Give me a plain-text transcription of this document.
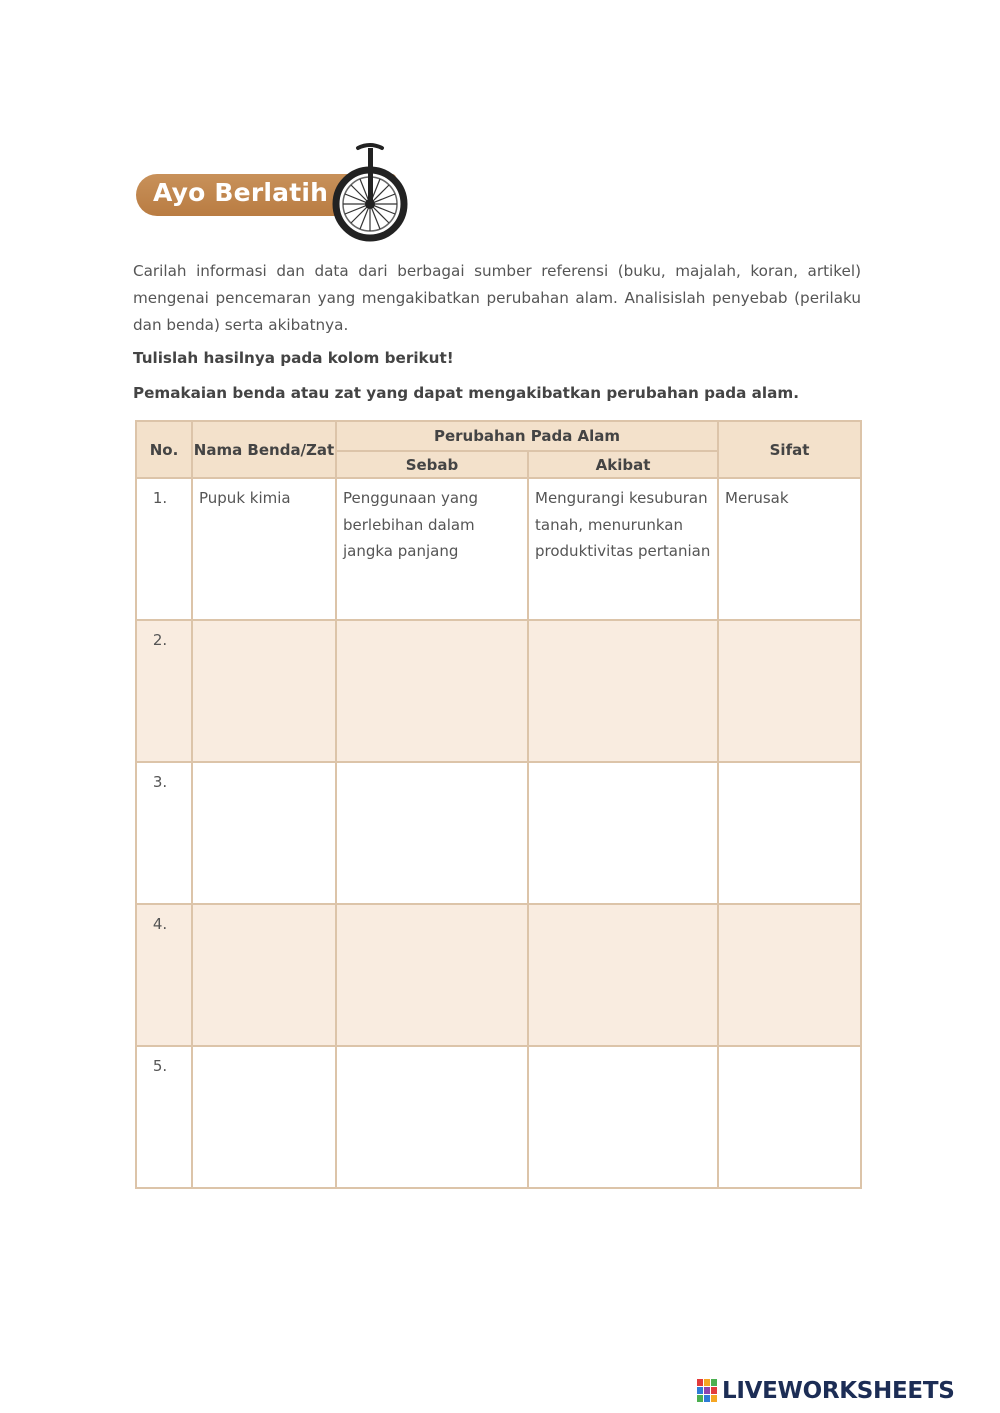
Ayo Berlatih
Carilah informasi dan data dari berbagai sumber referensi (buku, majalah, koran, artikel) mengenai pencemaran yang mengakibatkan perubahan alam. Analisislah penyebab (perilaku dan benda) serta akibatnya.
Tulislah hasilnya pada kolom berikut!
Pemakaian benda atau zat yang dapat mengakibatkan perubahan pada alam.
No.	Nama Benda/Zat	Perubahan Pada Alam		Sifat
		Sebab	Akibat	
1.	Pupuk kimia	Penggunaan yang berlebihan dalam jangka panjang	Mengurangi kesuburan tanah, menurunkan produktivitas pertanian	Merusak
2.				
3.				
4.				
5.				
LIVEWORKSHEETS
